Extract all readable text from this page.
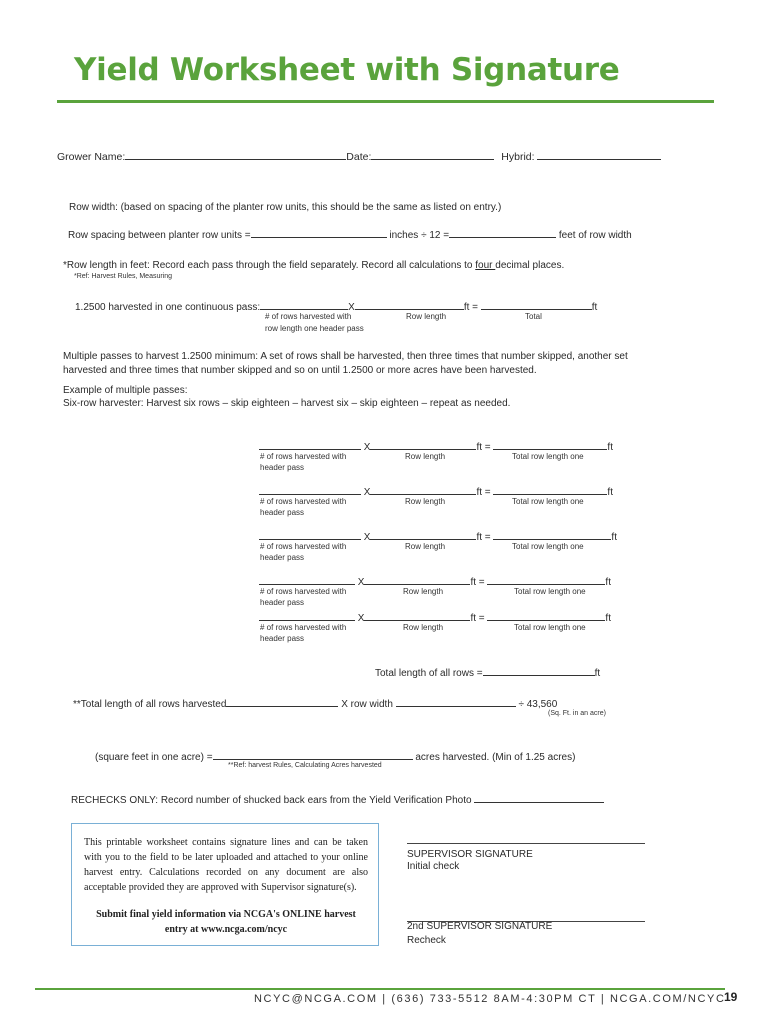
Yield Worksheet with Signature
Grower Name:	Date:	Hybrid:
Row width: (based on spacing of the planter row units, this should be the same as listed on entry.)
Row spacing between planter row units =	inches ÷ 12 =	feet of row width
*Row length in feet: Record each pass through the field separately. Record all calculations to four decimal places.
*Ref: Harvest Rules, Measuring
1.2500 harvested in one continuous pass:	X	ft =	ft
# of rows harvested with
row length one header pass
Row length	Total
Multiple passes to harvest 1.2500 minimum: A set of rows shall be harvested, then three times that number skipped, another set
harvested and three times that number skipped and so on until 1.2500 or more acres have been harvested.
Example of multiple passes:
Six-row harvester: Harvest six rows – skip eighteen – harvest six – skip eighteen – repeat as needed.
X	ft =	ft
# of rows harvested with
header pass
Row length	Total row length one
X	ft =	ft
# of rows harvested with
header pass
Row length	Total row length one
X	ft =	ft
# of rows harvested with
header pass
Row length	Total row length one
X	ft =	ft
# of rows harvested with
header pass
Row length	Total row length one
X	ft =	ft
# of rows harvested with
header pass
Row length	Total row length one
Total length of all rows =	ft
**Total length of all rows harvested	X row width	÷ 43,560
(Sq. Ft. in an acre)
(square feet in one acre) =	acres harvested. (Min of 1.25 acres)
**Ref: harvest Rules, Calculating Acres harvested
RECHECKS ONLY: Record number of shucked back ears from the Yield Verification Photo
This printable worksheet contains signature lines and can be taken with you to the field to be later uploaded and attached to your online harvest entry. Calculations recorded on any document are also acceptable provided they are approved with Supervisor signature(s).
Submit final yield information via NCGA's ONLINE harvest entry at www.ncga.com/ncyc
SUPERVISOR SIGNATURE
Initial check
2nd SUPERVISOR SIGNATURE
Recheck
NCYC@NCGA.COM | (636) 733-5512 8AM-4:30PM CT | NCGA.COM/NCYC
19
